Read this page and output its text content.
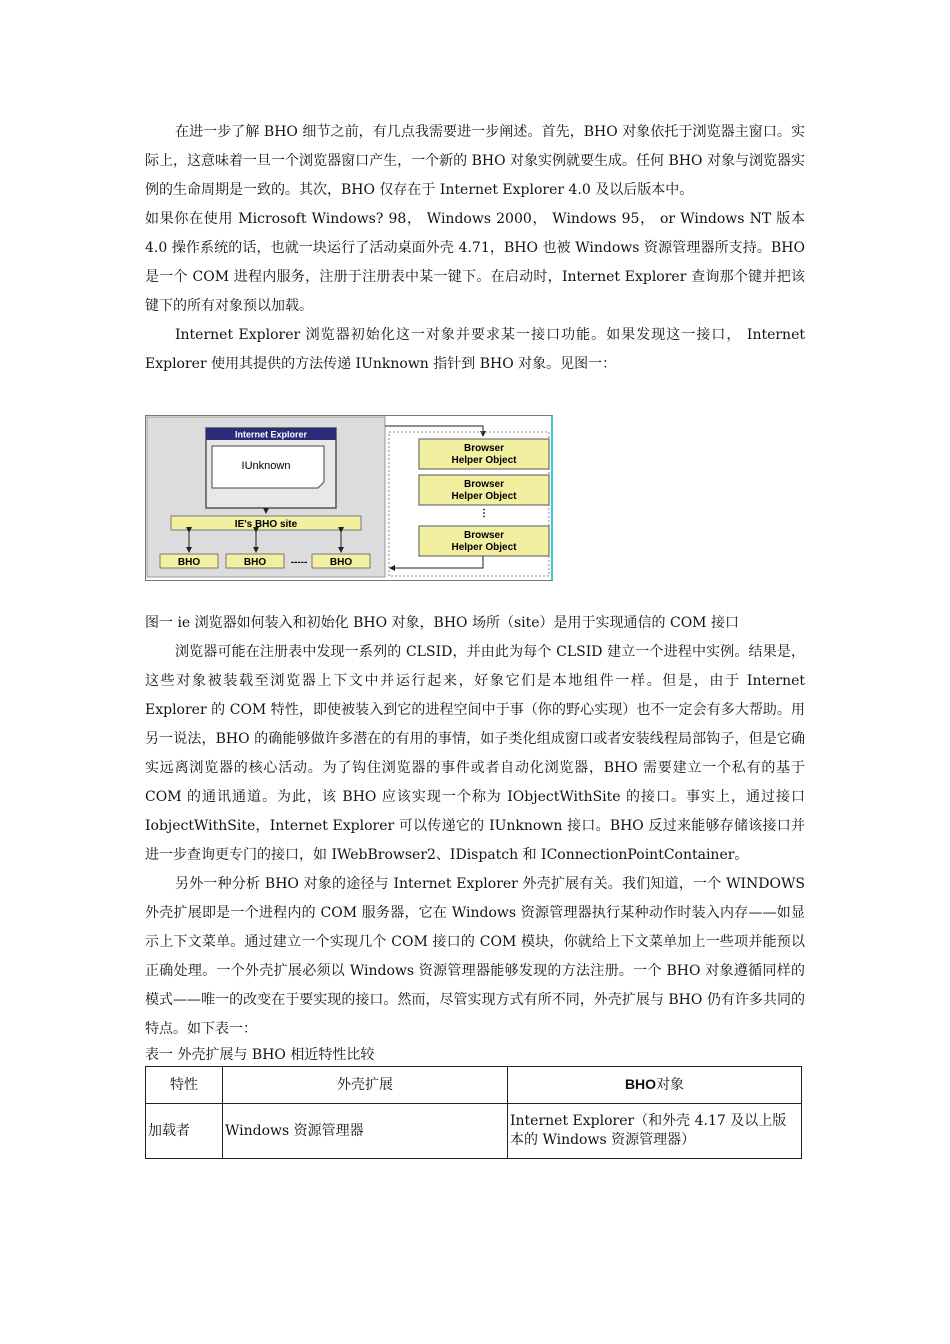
在进一步了解 BHO 细节之前，有几点我需要进一步阐述。首先，BHO 对象依托于浏览器主窗口。实际上，这意味着一旦一个浏览器窗口产生，一个新的 BHO 对象实例就要生成。任何 BHO 对象与浏览器实例的生命周期是一致的。其次，BHO 仅存在于 Internet Explorer 4.0 及以后版本中。

如果你在使用 Microsoft Windows? 98， Windows 2000， Windows 95， or Windows NT 版本 4.0 操作系统的话，也就一块运行了活动桌面外壳 4.71，BHO 也被 Windows 资源管理器所支持。BHO 是一个 COM 进程内服务，注册于注册表中某一键下。在启动时，Internet Explorer 查询那个键并把该键下的所有对象预以加载。

Internet Explorer 浏览器初始化这一对象并要求某一接口功能。如果发现这一接口， Internet Explorer 使用其提供的方法传递 IUnknown 指针到 BHO 对象。见图一：

Internet Explorer
IUnknown
IE's BHO site
BHO	BHO ----- BHO
Browser
Helper Object
Browser
Helper Object
⋮
Browser
Helper Object
图一 ie 浏览器如何装入和初始化 BHO 对象，BHO 场所（site）是用于实现通信的 COM 接口

浏览器可能在注册表中发现一系列的 CLSID，并由此为每个 CLSID 建立一个进程中实例。结果是，这些对象被装载至浏览器上下文中并运行起来，好象它们是本地组件一样。但是，由于 Internet Explorer 的 COM 特性，即使被装入到它的进程空间中于事（你的野心实现）也不一定会有多大帮助。用另一说法，BHO 的确能够做许多潜在的有用的事情，如子类化组成窗口或者安装线程局部钩子，但是它确实远离浏览器的核心活动。为了钩住浏览器的事件或者自动化浏览器，BHO 需要建立一个私有的基于 COM 的通讯通道。为此，该 BHO 应该实现一个称为 IObjectWithSite 的接口。事实上，通过接口 IobjectWithSite，Internet Explorer 可以传递它的 IUnknown 接口。BHO 反过来能够存储该接口并进一步查询更专门的接口，如 IWebBrowser2、IDispatch 和 IConnectionPointContainer。

另外一种分析 BHO 对象的途径与 Internet Explorer 外壳扩展有关。我们知道，一个 WINDOWS 外壳扩展即是一个进程内的 COM 服务器，它在 Windows 资源管理器执行某种动作时装入内存——如显示上下文菜单。通过建立一个实现几个 COM 接口的 COM 模块，你就给上下文菜单加上一些项并能预以正确处理。一个外壳扩展必须以 Windows 资源管理器能够发现的方法注册。一个 BHO 对象遵循同样的模式——唯一的改变在于要实现的接口。然而，尽管实现方式有所不同，外壳扩展与 BHO 仍有许多共同的特点。如下表一：

表一 外壳扩展与 BHO 相近特性比较
特性	外壳扩展	BHO对象
加载者	Windows 资源管理器	Internet Explorer（和外壳 4.17 及以上版本的 Windows 资源管理器）
